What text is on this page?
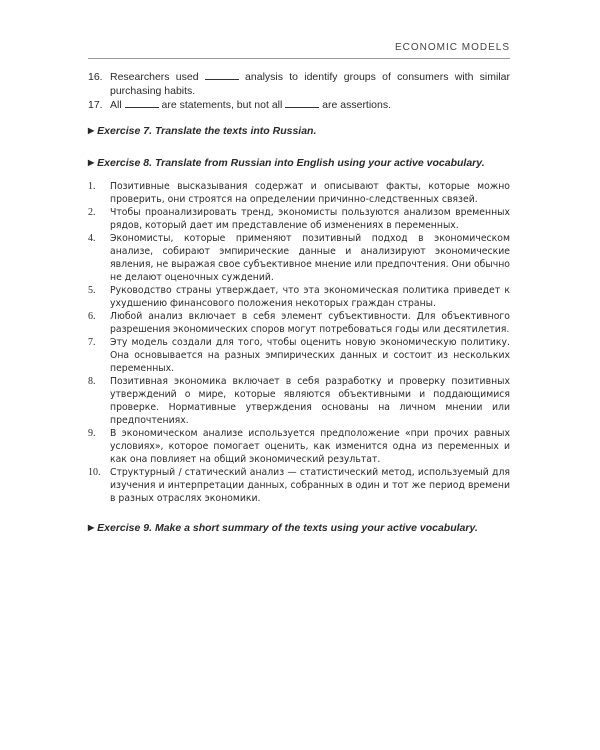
ECONOMIC MODELS
16. Researchers used	analysis to identify groups of consumers with similar purchasing habits.
17. All	are statements, but not all	are assertions.
▶ Exercise 7. Translate the texts into Russian.
▶ Exercise 8. Translate from Russian into English using your active vocabulary.
1.	Позитивные высказывания содержат и описывают факты, которые можно проверить, они строятся на определении причинно-следственных связей.
2.	Чтобы проанализировать тренд, экономисты пользуются анализом временных рядов, который дает им представление об изменениях в переменных.
4.	Экономисты, которые применяют позитивный подход в экономическом анализе, собирают эмпирические данные и анализируют экономические явления, не выражая свое субъективное мнение или предпочтения. Они обычно не делают оценочных суждений.
5.	Руководство страны утверждает, что эта экономическая политика приведет к ухудшению финансового положения некоторых граждан страны.
6.	Любой анализ включает в себя элемент субъективности. Для объективного разрешения экономических споров могут потребоваться годы или десятилетия.
7.	Эту модель создали для того, чтобы оценить новую экономическую политику. Она основывается на разных эмпирических данных и состоит из нескольких переменных.
8.	Позитивная экономика включает в себя разработку и проверку позитивных утверждений о мире, которые являются объективными и поддающимися проверке. Нормативные утверждения основаны на личном мнении или предпочтениях.
9.	В экономическом анализе используется предположение «при прочих равных условиях», которое помогает оценить, как изменится одна из переменных и как она повлияет на общий экономический результат.
10.	Структурный / статический анализ — статистический метод, используемый для изучения и интерпретации данных, собранных в один и тот же период времени в разных отраслях экономики.
▶ Exercise 9. Make a short summary of the texts using your active vocabulary.
